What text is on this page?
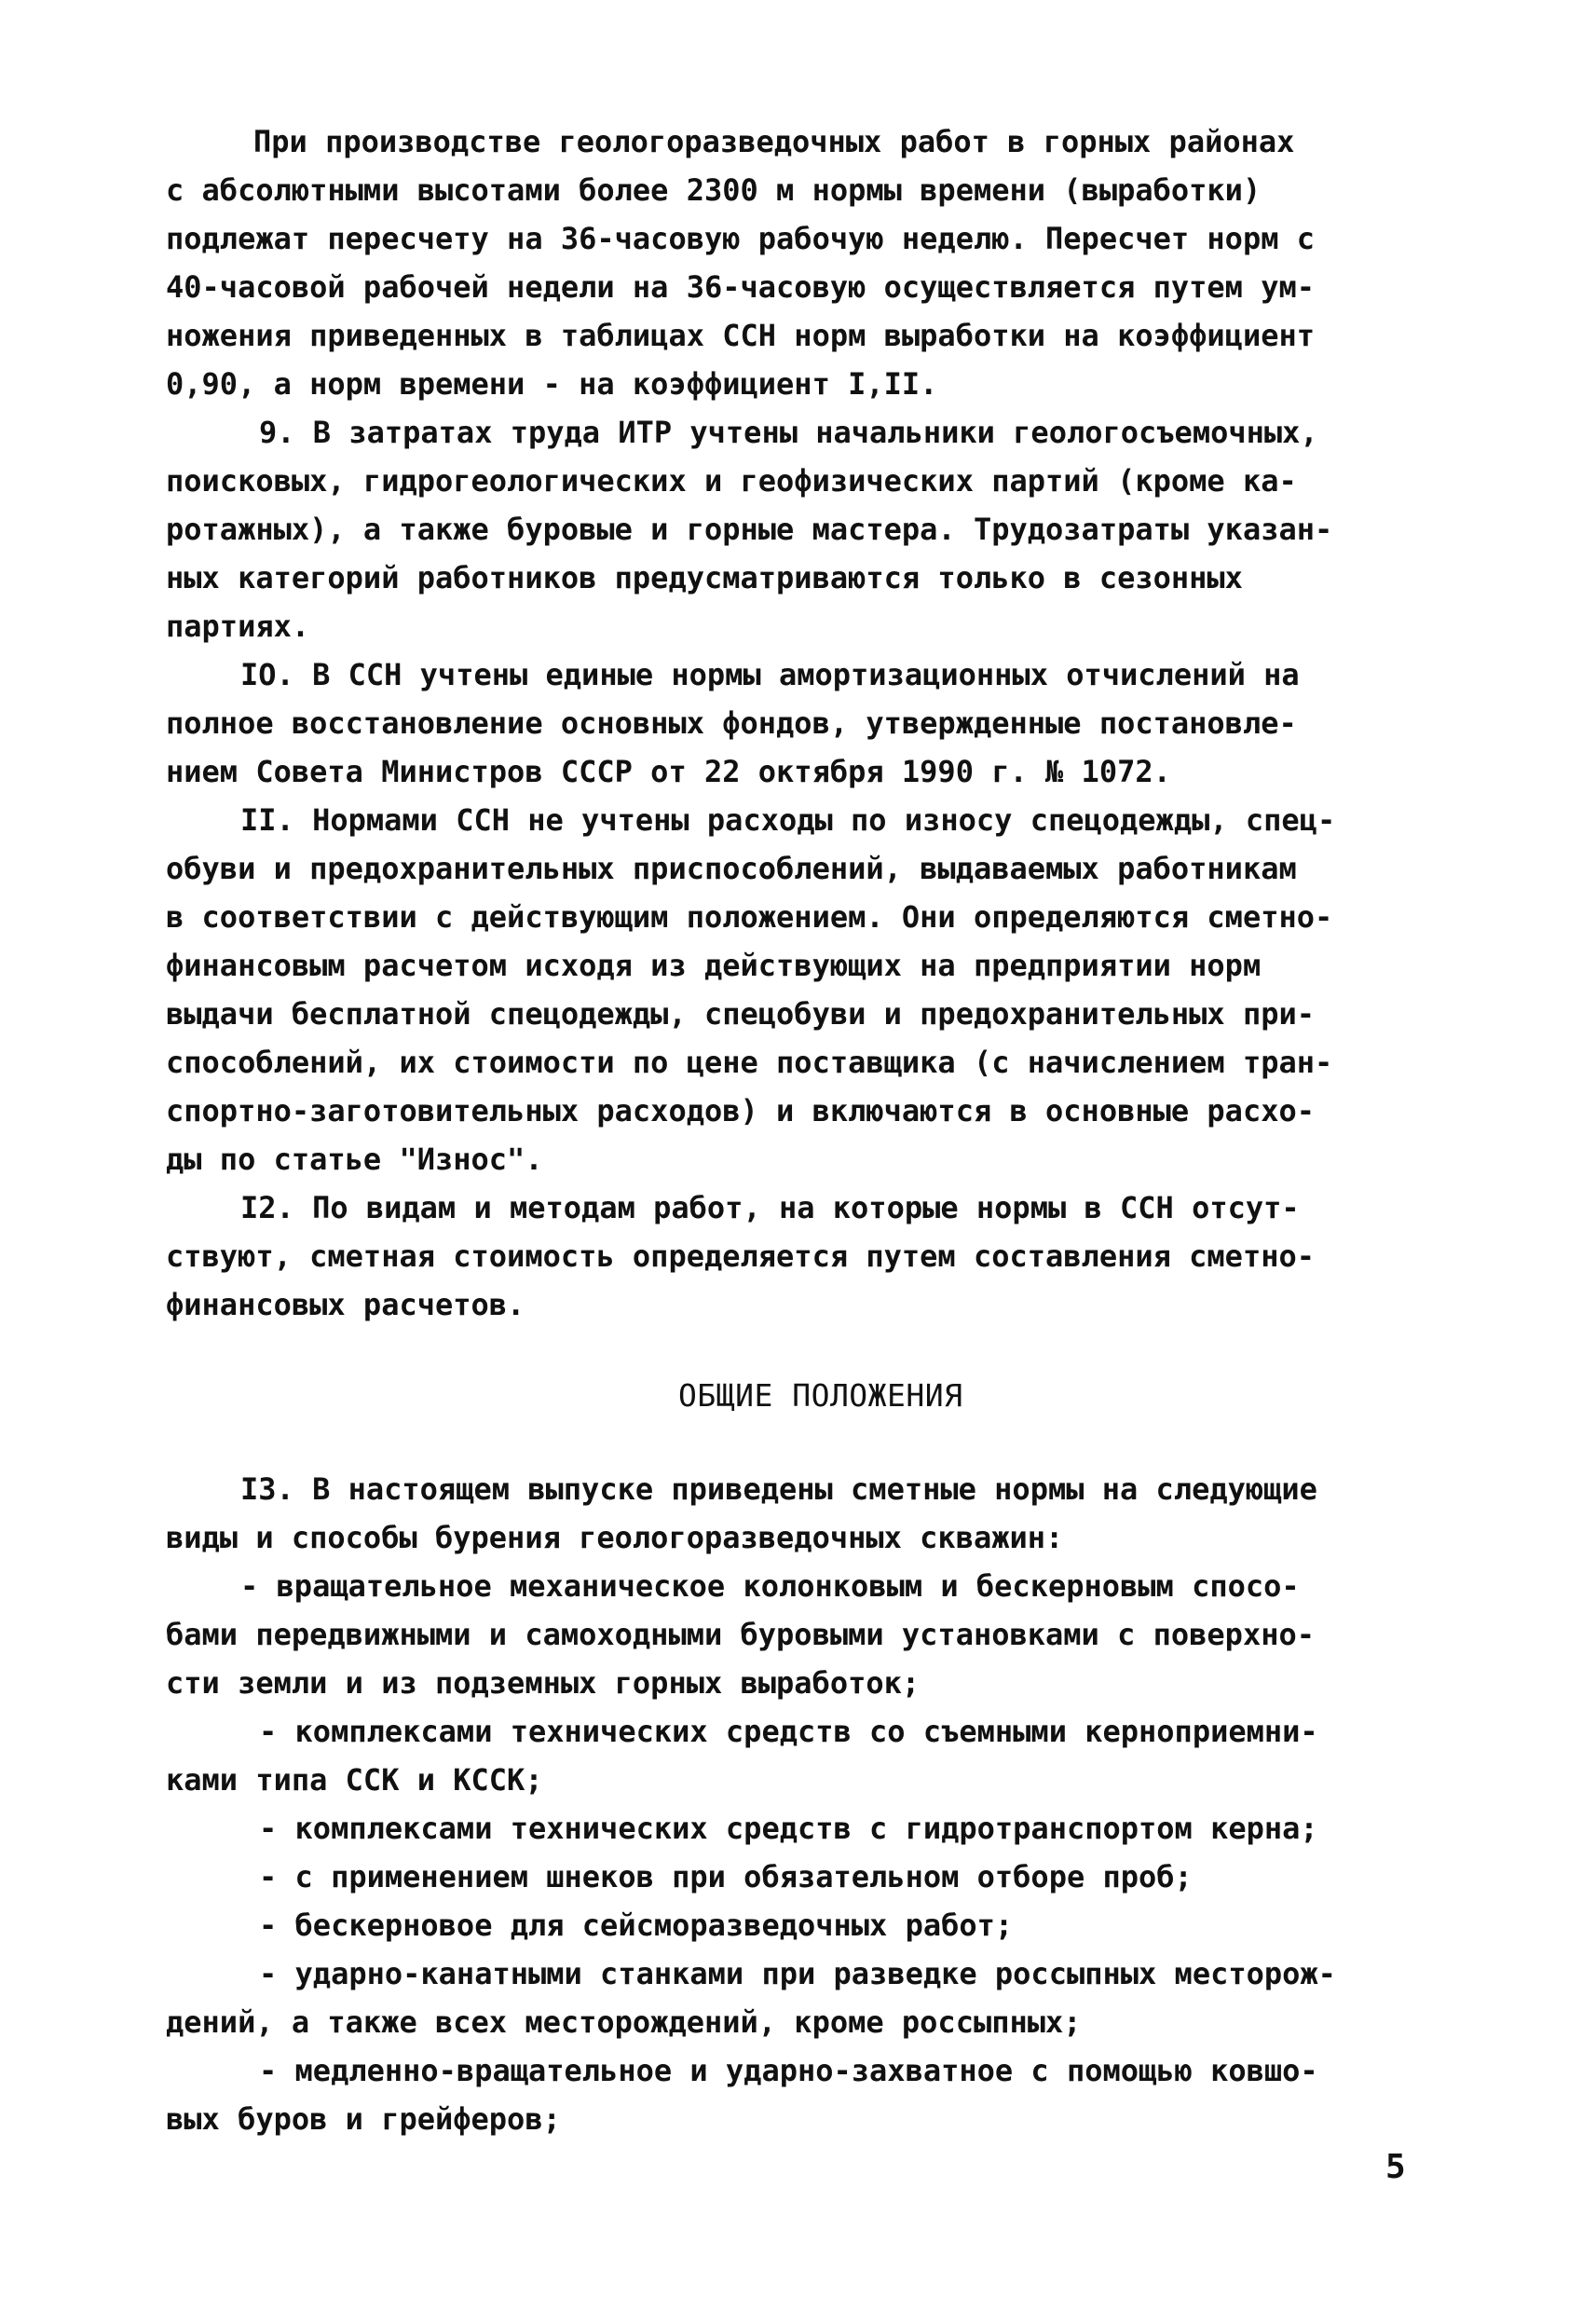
При производстве геологоразведочных работ в горных районах
с абсолютными высотами более 2300 м нормы времени (выработки)
подлежат пересчету на 36-часовую рабочую неделю. Пересчет норм с
40-часовой рабочей недели на 36-часовую осуществляется путем ум-
ножения приведенных в таблицах ССН норм выработки на коэффициент
0,90, а норм времени - на коэффициент I,II.
9. В затратах труда ИТР учтены начальники геологосъемочных,
поисковых, гидрогеологических и геофизических партий (кроме ка-
ротажных), а также буровые и горные мастера. Трудозатраты указан-
ных категорий работников предусматриваются только в сезонных
партиях.
IO. В ССН учтены единые нормы амортизационных отчислений на
полное восстановление основных фондов, утвержденные постановле-
нием Совета Министров СССР от 22 октября 1990 г. № 1072.
II. Нормами ССН не учтены расходы по износу спецодежды, спец-
обуви и предохранительных приспособлений, выдаваемых работникам
в соответствии с действующим положением. Они определяются сметно-
финансовым расчетом исходя из действующих на предприятии норм
выдачи бесплатной спецодежды, спецобуви и предохранительных при-
способлений, их стоимости по цене поставщика (с начислением тран-
спортно-заготовительных расходов) и включаются в основные расхо-
ды по статье "Износ".
I2. По видам и методам работ, на которые нормы в ССН отсут-
ствуют, сметная стоимость определяется путем составления сметно-
финансовых расчетов.
ОБЩИЕ ПОЛОЖЕНИЯ
I3. В настоящем выпуске приведены сметные нормы на следующие
виды и способы бурения геологоразведочных скважин:
- вращательное механическое колонковым и бескерновым спосо-
бами передвижными и самоходными буровыми установками с поверхно-
сти земли и из подземных горных выработок;
- комплексами технических средств со съемными керноприемни-
ками типа ССК и КССК;
- комплексами технических средств с гидротранспортом керна;
- с применением шнеков при обязательном отборе проб;
- бескерновое для сейсморазведочных работ;
- ударно-канатными станками при разведке россыпных месторож-
дений, а также всех месторождений, кроме россыпных;
- медленно-вращательное и ударно-захватное с помощью ковшо-
вых буров и грейферов;
5
